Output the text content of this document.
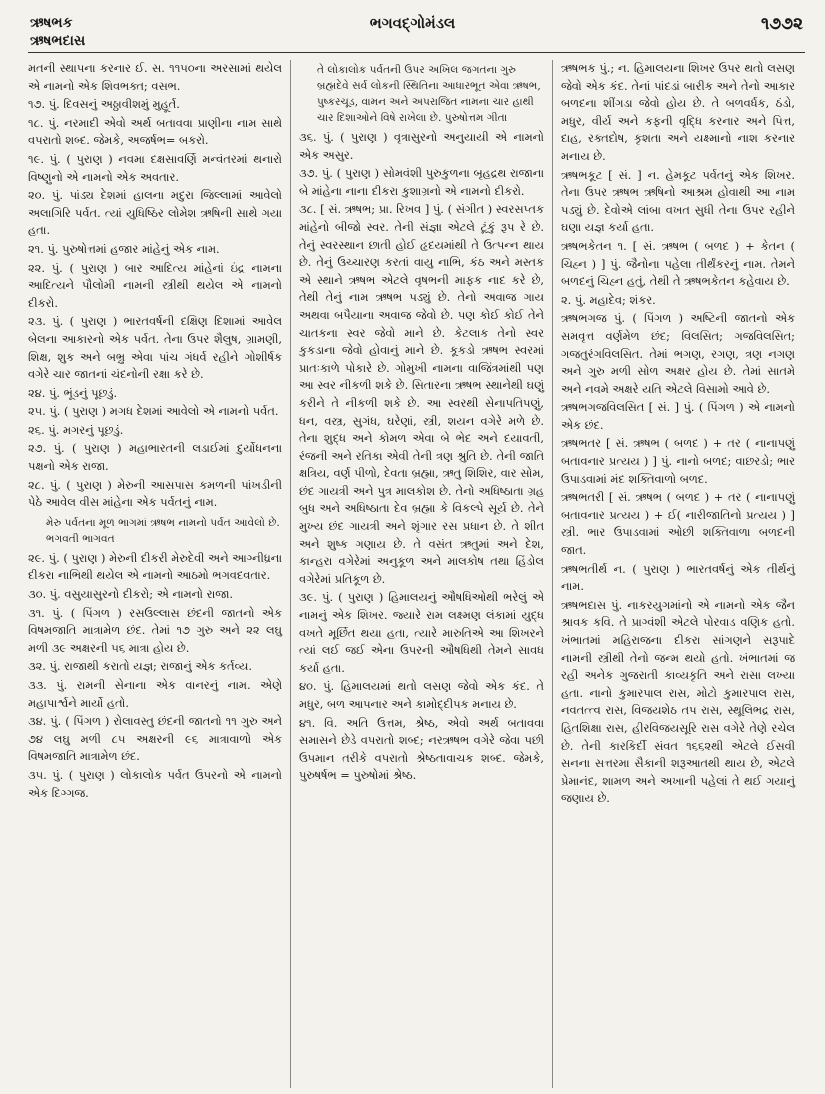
ઋષભક
ઋષભદાસ
ભગવદ્ગોમંડલ	૧૭૭૨
મતની સ્થાપના કરનાર ઈ. સ. ૧૧૫૦ના અરસામાં થયેલ એ નામનો એક શિવભક્ત; વસભ.
૧૭. પું. દિવસનું અઠ્ઠાવીશમું મુહૂર્ત.
૧૮. પું. નરમાદી એવો અર્થ બતાવવા પ્રાણીના નામ સાથે વપરાતો શબ્દ. જેમકે, અજર્ષભ= બકરો.
૧૯. પું. ( પુરાણ ) નવમા દક્ષસાવર્ણિ મન્વંતરમાં થનારો વિષ્ણુનો એ નામનો એક અવતાર.
૨૦. પું. પાંડ્ય દેશમાં હાલના મદુરા જિલ્લામાં આવેલો અલાગિરિ પર્વત. ત્યાં યુધિષ્ઠિર લોમેશ ઋષિની સાથે ગયા હતા.
૨૧. પું. પુરુષોત્તમાં હજાર માંહેનું એક નામ.
૨૨. પું. ( પુરાણ ) બાર આદિત્ય માંહેનાં ઇંદ્ર નામના આદિત્યને પૌલોમી નામની સ્ત્રીથી થયેલ એ નામનો દીકરો.
૨૩. પું. ( પુરાણ ) ભારતવર્ષની દક્ષિણ દિશામાં આવેલ બેલના આકારનો એક પર્વત. તેના ઉપર શૈલુષ, ગ્રામણી, શિક્ષ, શુક અને બભ્રુ એવા પાંચ ગંધર્વ રહીને ગોશીર્ષક વગેરે ચાર જાતનાં ચંદનોની રક્ષા કરે છે.
૨૪. પું. ભૂંડનું પૂછડું.
૨૫. પું. ( પુરાણ ) મગધ દેશમાં આવેલો એ નામનો પર્વત.
૨૬. પું. મગરનું પૂછડું.
૨૭. પું. ( પુરાણ ) મહાભારતની લડાઈમાં દુર્યોધનના પક્ષનો એક રાજા.
૨૮. પું. ( પુરાણ ) મેરુની આસપાસ કમળની પાંખડીની પેઠે આવેલ વીસ માંહેના એક પર્વતનું નામ.
મેરુ પર્વતના મૂળ ભાગમાં ઋષભ નામનો પર્વત આવેલો છે. ભગવતી ભાગવત
૨૯. પું. ( પુરાણ ) મેરુની દીકરી મેરુદેવી અને આગ્નીધ્રના દીકરા નાભિથી થયેલ એ નામનો આઠમો ભગવદવતાર.
૩૦. પું. વસુયાસુરનો દીકરો; એ નામનો રાજા.
૩૧. પું. ( પિંગળ ) રસઉલ્લાસ છંદની જાતનો એક વિષમજાતિ માત્રામેળ છંદ. તેમાં ૧૭ ગુરુ અને ૨૨ લઘુ મળી ૩૯ અક્ષરની ૫૬ માત્રા હોય છે.
૩૨. પું. રાજાથી કરાતો યજ્ઞ; રાજાનું એક કર્તવ્ય.
૩૩. પું. રામની સેનાના એક વાનરનું નામ. એણે મહાપાર્શ્વને માર્યો હતો.
૩૪. પું. ( પિંગળ ) રોલાવસ્તુ છંદની જાતનો ૧૧ ગુરુ અને ૭૪ લઘુ મળી ૮૫ અક્ષરની ૯૬ માત્રાવાળો એક વિષમજાતિ માત્રામેળ છંદ.
૩૫. પું. ( પુરાણ ) લોકાલોક પર્વત ઉપરનો એ નામનો એક દિગ્ગજ.
તે લોકાલોક પર્વતની ઉપર અખિલ જગતના ગુરુ બ્રહ્મદેવે સર્વ લોકની સ્થિતિના આધારભૂત એવા ઋષભ, પુષ્કરચૂડ, વામન અને અપરાજિત નામના ચાર હાથી ચાર દિશાઓને વિષે રાખેલા છે. પુરુષોત્તમ ગીતા
૩૬. પું. ( પુરાણ ) વૃત્રાસુરનો અનુયાયી એ નામનો એક અસુર.
૩૭. પું. ( પુરાણ ) સોમવંશી પુરુકુળના બૃહદ્રથ રાજાના બે માંહેના નાના દીકરા કુશાગ્રનો એ નામનો દીકરો.
૩૮. [ સં. ઋષભ; પ્રા. રિખવ ] પું. ( સંગીત ) સ્વરસપ્તક માંહેનો બીજો સ્વર. તેની સંજ્ઞા એટલે ટૂંકું રૂપ રે છે. તેનું સ્વરસ્થાન છાતી હોઈ હૃદયમાંથી તે ઉત્પન્ન થાય છે. તેનું ઉચ્ચારણ કરતાં વાયુ નાભિ, કંઠ અને મસ્તક એ સ્થાને ઋષભ એટલે વૃષભની માફક નાદ કરે છે, તેથી તેનું નામ ઋષભ પડ્યું છે. તેનો અવાજ ગાય અથવા બપૈયાના અવાજ જેવો છે. પણ કોઈ કોઈ તેને ચાતકના સ્વર જેવો માને છે. કેટલાક તેનો સ્વર કુકડાના જેવો હોવાનું માને છે. કૂકડો ઋષભ સ્વરમાં પ્રાતઃકાળે પોકારે છે. ગોમુખી નામના વાજિંત્રમાંથી પણ આ સ્વર નીકળી શકે છે. સિતારના ઋષભ સ્થાનેથી ઘણું કરીને તે નીકળી શકે છે. આ સ્વરથી સેનાપતિપણું, ધન, વસ્ત્ર, સુગંધ, ઘરેણાં, સ્ત્રી, શયન વગેરે મળે છે. તેના શુદ્ધ અને કોમળ એવા બે ભેદ અને દયાવતી, રંજની અને રતિકા એવી તેની ત્રણ શ્રુતિ છે. તેની જાતિ ક્ષત્રિય, વર્ણ પીળો, દેવતા બ્રહ્મા, ઋતુ શિશિર, વાર સોમ, છંદ ગાયત્રી અને પુત્ર માલકોશ છે. તેનો અધિષ્ઠાતા ગ્રહ બુધ અને અધિષ્ઠાતા દેવ બ્રહ્મા કે વિકલ્પે સૂર્ય છે. તેને મુખ્ય છંદ ગાયત્રી અને શૃંગાર રસ પ્રધાન છે. તે શીત અને શુષ્ક ગણાય છે. તે વસંત ઋતુમાં અને દેશ, કાન્હરા વગેરેમાં અનુકૂળ અને માલકોષ તથા હિંડોલ વગેરેમાં પ્રતિકૂળ છે.
૩૯. પું. ( પુરાણ ) હિમાલયનું ઔષધિઓથી ભરેલું એ નામનું એક શિખર. જ્યારે રામ લક્ષ્મણ લંકામાં યુદ્ધ વખતે મૂર્છિત થયા હતા, ત્યારે મારુતિએ આ શિખરને ત્યાં લઈ જઈ એના ઉપરની ઔષધિથી તેમને સાવધ કર્યા હતા.
૪૦. પું. હિમાલયમાં થતો લસણ જેવો એક કંદ. તે મધુર, બળ આપનાર અને કામોદ્દીપક મનાય છે.
૪૧. વિ. અતિ ઉત્તમ, શ્રેષ્ઠ, એવો અર્થ બતાવવા સમાસને છેડે વપરાતો શબ્દ; નરઋષભ વગેરે જેવા પછી ઉપમાન તરીકે વપરાતો શ્રેષ્ઠતાવાચક શબ્દ. જેમકે, પુરુષર્ષભ = પુરુષોમાં શ્રેષ્ઠ.
ઋષભક પું.; ન. હિમાલયના શિખર ઉપર થતો લસણ જેવો એક કંદ. તેનાં પાંદડાં બારીક અને તેનો આકાર બળદના શીંગડા જેવો હોય છે. તે બળવર્ધક, ઠંડો, મધુર, વીર્ય અને કફની વૃદ્ધિ કરનાર અને પિત્ત, દાહ, રક્તદોષ, કૃશતા અને યક્ષ્માનો નાશ કરનાર મનાય છે.
ઋષભકૂટ [ સં. ] ન. હેમકૂટ પર્વતનું એક શિખર. તેના ઉપર ઋષભ ઋષિનો આશ્રમ હોવાથી આ નામ પડ્યું છે. દેવોએ લાંબા વખત સુધી તેના ઉપર રહીને ઘણા યજ્ઞ કર્યા હતા.
ઋષભકેતન ૧. [ સં. ઋષભ ( બળદ ) + કેતન ( ચિહ્ન ) ] પું. જૈનોના પહેલા તીર્થંકરનું નામ. તેમને બળદનું ચિહ્ન હતું, તેથી તે ઋષભકેતન કહેવાય છે.
૨. પું. મહાદેવ; શંકર.
ઋષભગજ પું. ( પિંગળ ) અષ્ટિની જાતનો એક સમવૃત્ત વર્ણમેળ છંદ; વિલસિત; ગજવિલસિત; ગજતુરંગવિલસિત. તેમાં ભગણ, રગણ, ત્રણ નગણ અને ગુરુ મળી સોળ અક્ષર હોય છે. તેમાં સાતમે અને નવમે અક્ષરે યતિ એટલે વિસામો આવે છે.
ઋષભગજવિલસિત [ સં. ] પું. ( પિંગળ ) એ નામનો એક છંદ.
ઋષભતર [ સં. ઋષભ ( બળદ ) + તર ( નાનાપણું બતાવનાર પ્રત્યય ) ] પું. નાનો બળદ; વાછરડો; ભાર ઉપાડવામાં મંદ શક્તિવાળો બળદ.
ઋષભતરી [ સં. ઋષભ ( બળદ ) + તર ( નાનાપણું બતાવનાર પ્રત્યય ) + ઈ( નારીજાતિનો પ્રત્યય ) ] સ્ત્રી. ભાર ઉપાડવામાં ઓછી શક્તિવાળા બળદની જાત.
ઋષભતીર્થ ન. ( પુરાણ ) ભારતવર્ષનું એક તીર્થનું નામ.
ઋષભદાસ પું. નાકરયુગમાંનો એ નામનો એક જૈન શ્રાવક કવિ. તે પ્રાગ્વંશી એટલે પોરવાડ વણિક હતો. ખંભાતમાં મહિરાજના દીકરા સાંગણને સરૂપાદે નામની સ્ત્રીથી તેનો જન્મ થયો હતો. ખંભાતમાં જ રહી અનેક ગુજરાતી કાવ્યકૃતિ અને રાસા લખ્યા હતા. નાનો કુમારપાલ રાસ, મોટો કુમારપાલ રાસ, નવતત્ત્વ રાસ, વિજયશેઠ તપ રાસ, સ્થૂલિભદ્ર રાસ, હિતશિક્ષા રાસ, હીરવિજયસૂરિ રાસ વગેરે તેણે રચેલ છે. તેની કારકિર્દી સંવત ૧૬૬૨થી એટલે ઈસવી સનના સત્તરમા સૈકાની શરૂઆતથી થાય છે, એટલે પ્રેમાનંદ, શામળ અને અખાની પહેલાં તે થઈ ગયાનું જણાય છે.
